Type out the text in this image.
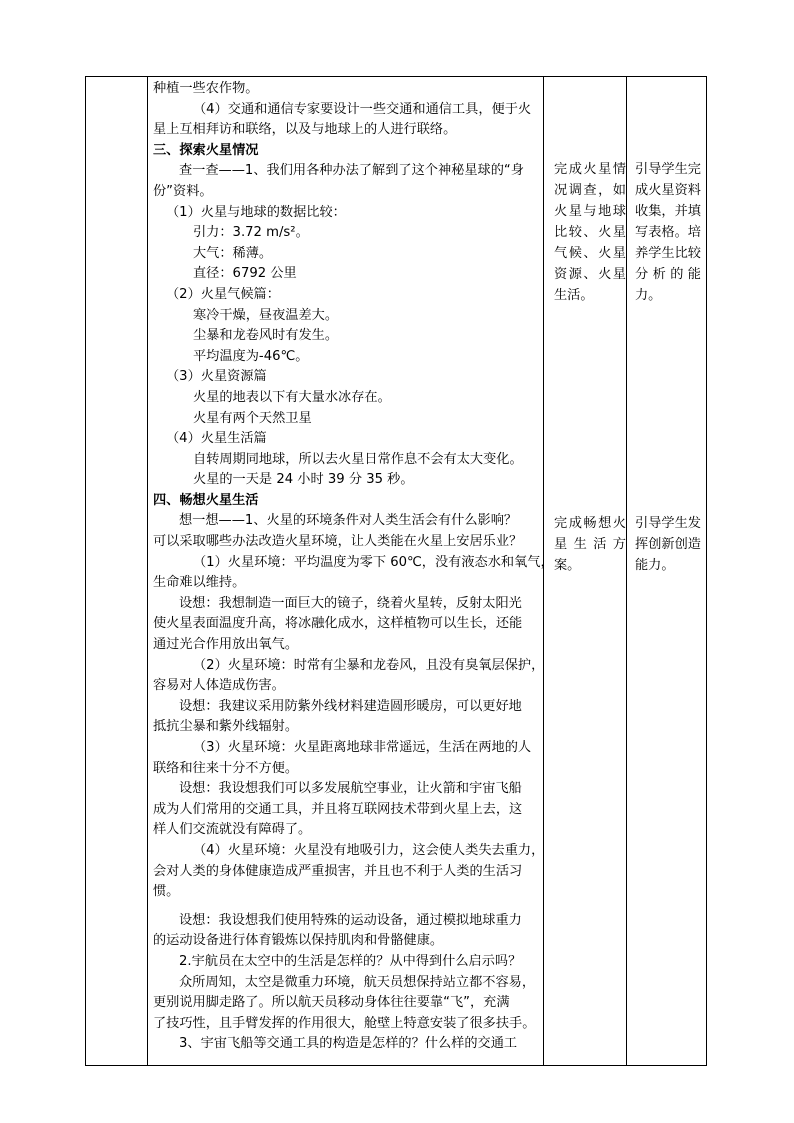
种植一些农作物。

（4）交通和通信专家要设计一些交通和通信工具，便于火

星上互相拜访和联络，以及与地球上的人进行联络。

三、探索火星情况

查一查——1、我们用各种办法了解到了这个神秘星球的“身

份”资料。

（1）火星与地球的数据比较：

引力：3.72 m/s²。

大气：稀薄。

直径：6792 公里

（2）火星气候篇：

寒冷干燥，昼夜温差大。

尘暴和龙卷风时有发生。

平均温度为-46℃。

（3）火星资源篇

火星的地表以下有大量水冰存在。

火星有两个天然卫星

（4）火星生活篇

自转周期同地球，所以去火星日常作息不会有太大变化。

火星的一天是 24 小时 39 分 35 秒。

四、畅想火星生活

想一想——1、火星的环境条件对人类生活会有什么影响？

可以采取哪些办法改造火星环境，让人类能在火星上安居乐业？

（1）火星环境：平均温度为零下 60℃，没有液态水和氧气，

生命难以维持。

设想：我想制造一面巨大的镜子，绕着火星转，反射太阳光

使火星表面温度升高，将冰融化成水，这样植物可以生长，还能

通过光合作用放出氧气。

（2）火星环境：时常有尘暴和龙卷风，且没有臭氧层保护，

容易对人体造成伤害。

设想：我建议采用防紫外线材料建造圆形暖房，可以更好地

抵抗尘暴和紫外线辐射。

（3）火星环境：火星距离地球非常遥远，生活在两地的人

联络和往来十分不方便。

设想：我设想我们可以多发展航空事业，让火箭和宇宙飞船

成为人们常用的交通工具，并且将互联网技术带到火星上去，这

样人们交流就没有障碍了。

（4）火星环境：火星没有地吸引力，这会使人类失去重力，

会对人类的身体健康造成严重损害，并且也不利于人类的生活习

惯。

设想：我设想我们使用特殊的运动设备，通过模拟地球重力

的运动设备进行体育锻炼以保持肌肉和骨骼健康。

2.宇航员在太空中的生活是怎样的？从中得到什么启示吗？

众所周知，太空是微重力环境，航天员想保持站立都不容易，

更别说用脚走路了。所以航天员移动身体往往要靠“飞”，充满

了技巧性，且手臂发挥的作用很大，舱壁上特意安装了很多扶手。

3、宇宙飞船等交通工具的构造是怎样的？什么样的交通工

完成火星情况调查，如火星与地球比较、火星气候、火星资源、火星生活。

完成畅想火星生活方案。

引导学生完成火星资料收集，并填写表格。培养学生比较分析的能力。

引导学生发挥创新创造能力。
